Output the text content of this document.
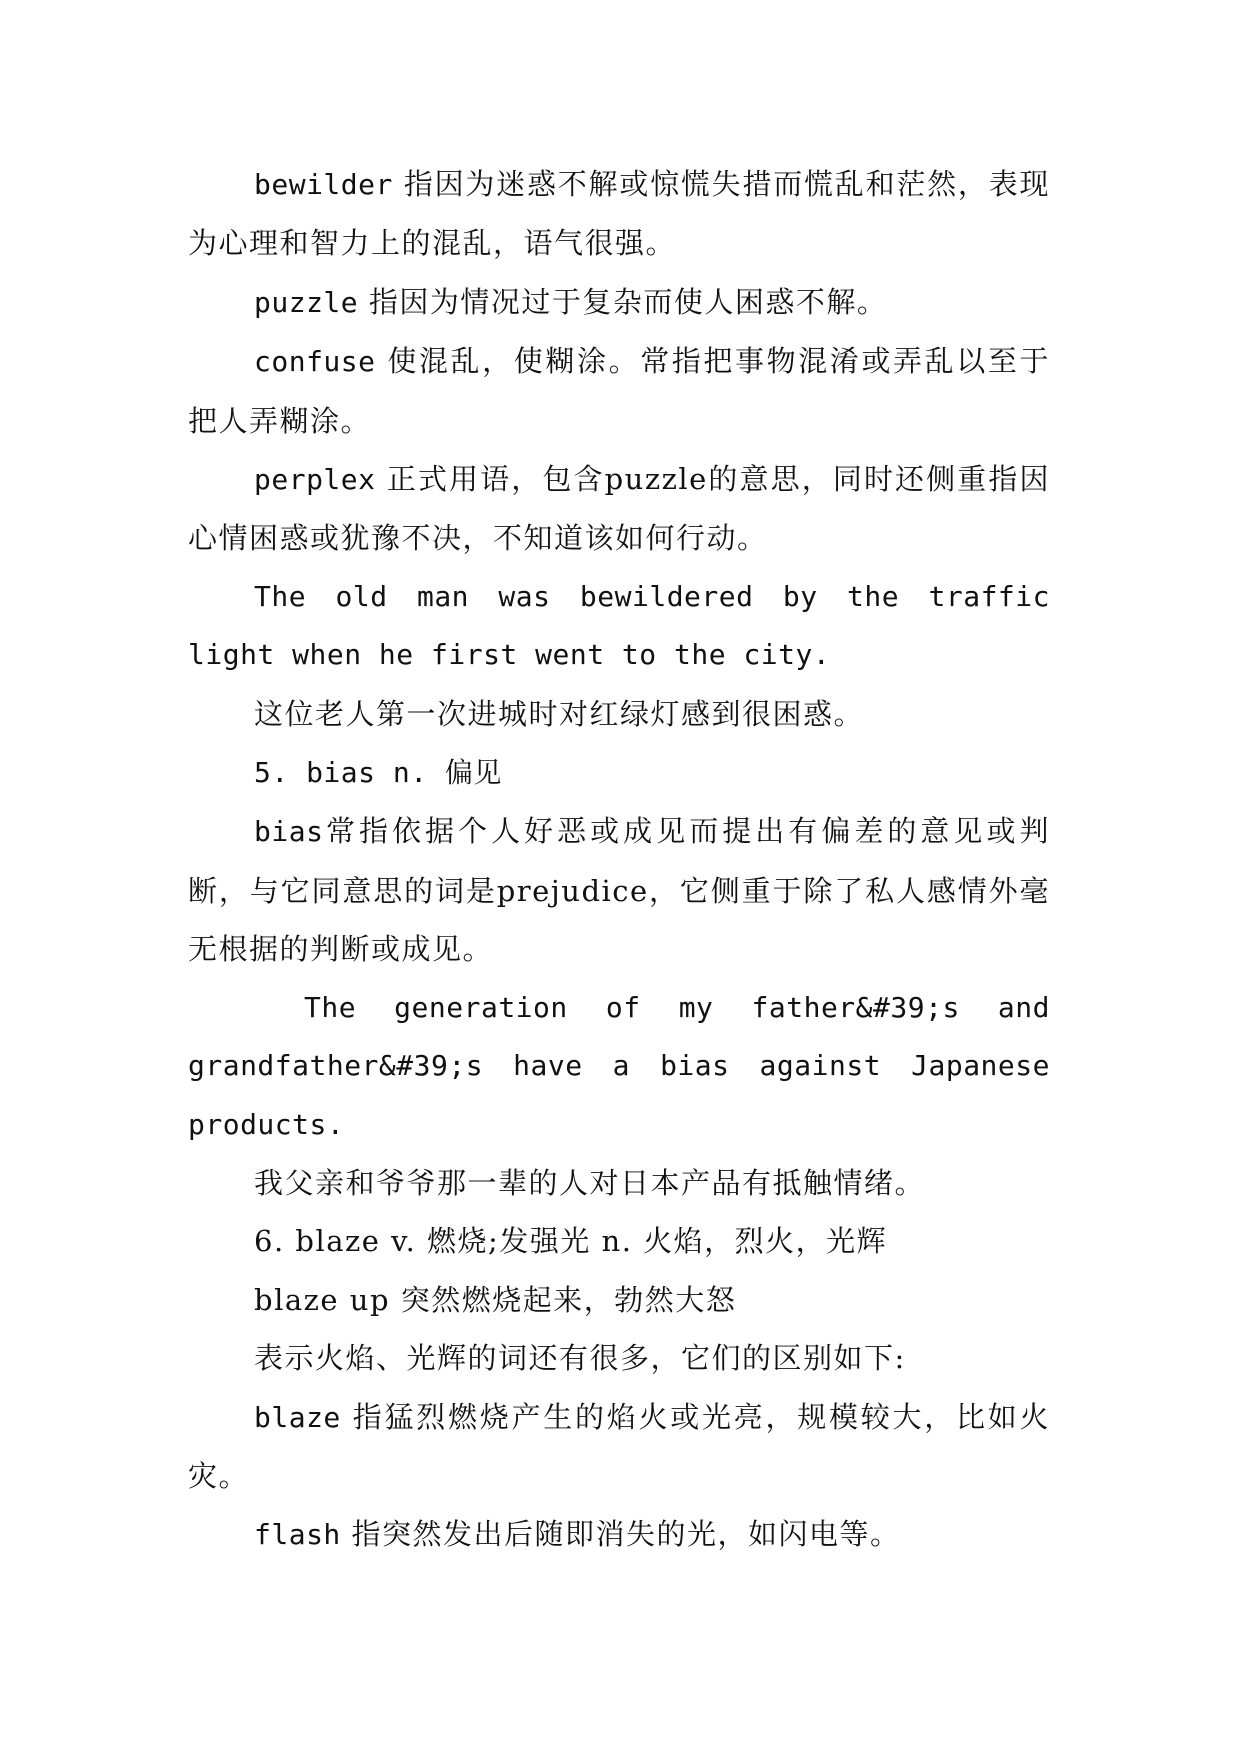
bewilder 指因为迷惑不解或惊慌失措而慌乱和茫然，表现为心理和智力上的混乱，语气很强。

puzzle 指因为情况过于复杂而使人困惑不解。

confuse 使混乱，使糊涂。常指把事物混淆或弄乱以至于把人弄糊涂。

perplex 正式用语，包含puzzle的意思，同时还侧重指因心情困惑或犹豫不决，不知道该如何行动。

The old man was bewildered by the traffic light when he first went to the city.

这位老人第一次进城时对红绿灯感到很困惑。

5. bias n. 偏见

bias常指依据个人好恶或成见而提出有偏差的意见或判断，与它同意思的词是prejudice，它侧重于除了私人感情外毫无根据的判断或成见。

The generation of my father&#39;s and grandfather&#39;s have a bias against Japanese products.

我父亲和爷爷那一辈的人对日本产品有抵触情绪。

6. blaze v. 燃烧;发强光 n. 火焰，烈火，光辉

blaze up 突然燃烧起来，勃然大怒

表示火焰、光辉的词还有很多，它们的区别如下:

blaze 指猛烈燃烧产生的焰火或光亮，规模较大，比如火灾。

flash 指突然发出后随即消失的光，如闪电等。
